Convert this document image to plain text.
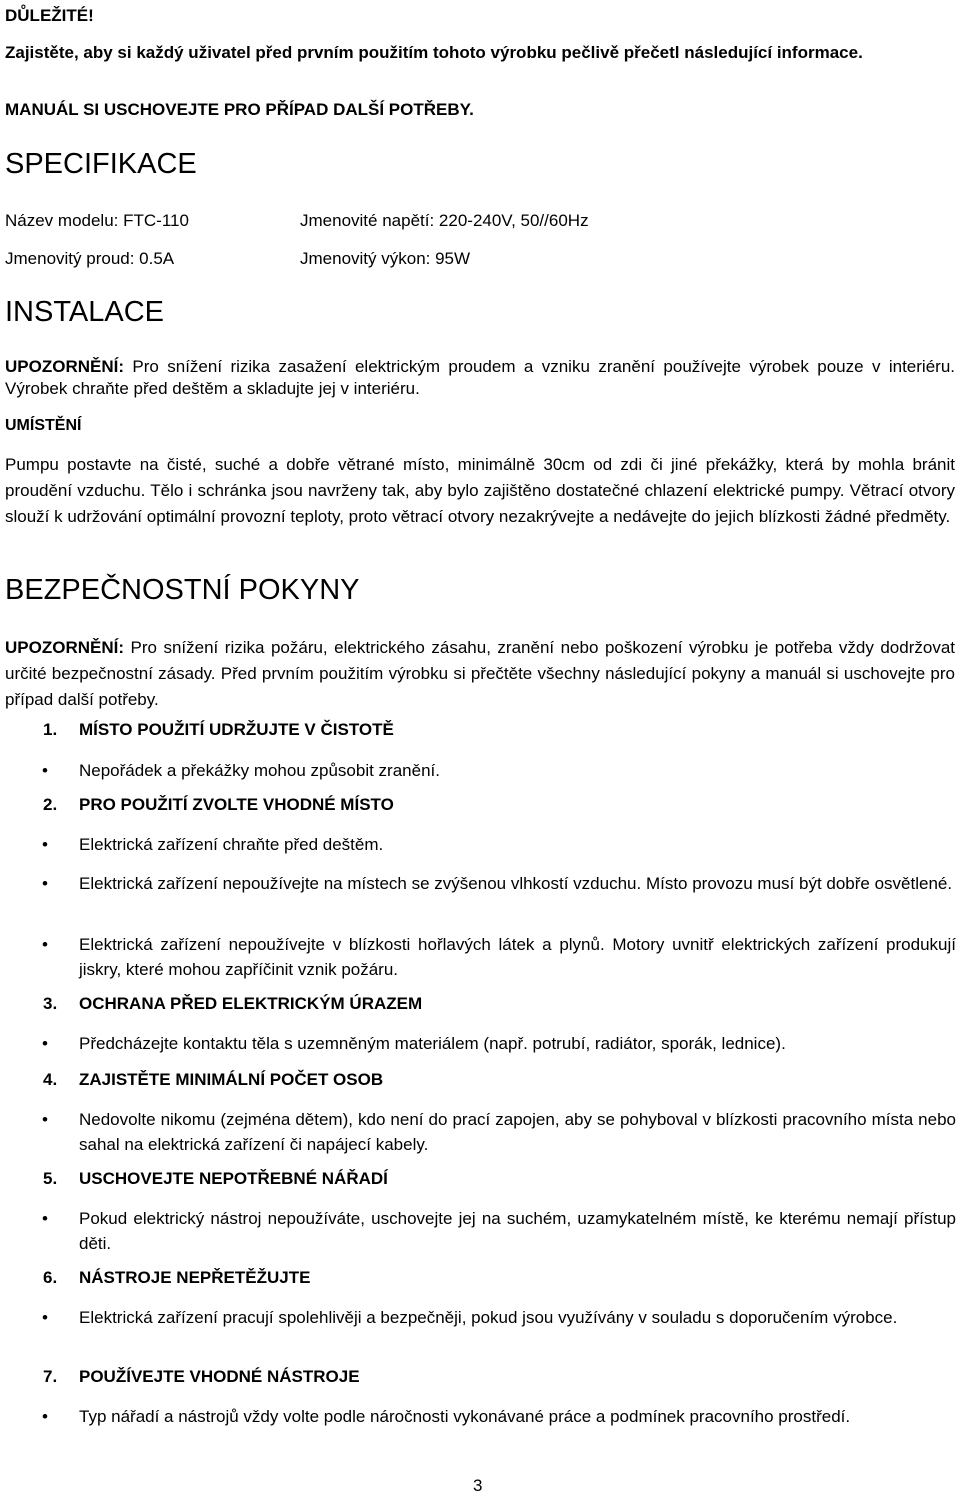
DŮLEŽITÉ!
Zajistěte, aby si každý uživatel před prvním použitím tohoto výrobku pečlivě přečetl následující informace.
MANUÁL SI USCHOVEJTE PRO PŘÍPAD DALŠÍ POTŘEBY.
SPECIFIKACE
Název modelu: FTC-110
Jmenovitý proud: 0.5A
Jmenovité napětí: 220-240V, 50//60Hz
Jmenovitý výkon: 95W
INSTALACE
UPOZORNĚNÍ: Pro snížení rizika zasažení elektrickým proudem a vzniku zranění používejte výrobek pouze v interiéru. Výrobek chraňte před deštěm a skladujte jej v interiéru.
UMÍSTĚNÍ
Pumpu postavte na čisté, suché a dobře větrané místo, minimálně 30cm od zdi či jiné překážky, která by mohla bránit proudění vzduchu. Tělo i schránka jsou navrženy tak, aby bylo zajištěno dostatečné chlazení elektrické pumpy. Větrací otvory slouží k udržování optimální provozní teploty, proto větrací otvory nezakrývejte a nedávejte do jejich blízkosti žádné předměty.
BEZPEČNOSTNÍ POKYNY
UPOZORNĚNÍ: Pro snížení rizika požáru, elektrického zásahu, zranění nebo poškození výrobku je potřeba vždy dodržovat určité bezpečnostní zásady. Před prvním použitím výrobku si přečtěte všechny následující pokyny a manuál si uschovejte pro případ další potřeby.
1. MÍSTO POUŽITÍ UDRŽUJTE V ČISTOTĚ
• Nepořádek a překážky mohou způsobit zranění.
2. PRO POUŽITÍ ZVOLTE VHODNÉ MÍSTO
• Elektrická zařízení chraňte před deštěm.
• Elektrická zařízení nepoužívejte na místech se zvýšenou vlhkostí vzduchu. Místo provozu musí být dobře osvětlené.
• Elektrická zařízení nepoužívejte v blízkosti hořlavých látek a plynů. Motory uvnitř elektrických zařízení produkují jiskry, které mohou zapříčinit vznik požáru.
3. OCHRANA PŘED ELEKTRICKÝM ÚRAZEM
• Předcházejte kontaktu těla s uzemněným materiálem (např. potrubí, radiátor, sporák, lednice).
4. ZAJISTĚTE MINIMÁLNÍ POČET OSOB
• Nedovolte nikomu (zejména dětem), kdo není do prací zapojen, aby se pohyboval v blízkosti pracovního místa nebo sahal na elektrická zařízení či napájecí kabely.
5. USCHOVEJTE NEPOTŘEBNÉ NÁŘADÍ
• Pokud elektrický nástroj nepoužíváte, uschovejte jej na suchém, uzamykatelném místě, ke kterému nemají přístup děti.
6. NÁSTROJE NEPŘETĚŽUJTE
• Elektrická zařízení pracují spolehlivěji a bezpečněji, pokud jsou využívány v souladu s doporučením výrobce.
7. POUŽÍVEJTE VHODNÉ NÁSTROJE
• Typ nářadí a nástrojů vždy volte podle náročnosti vykonávané práce a podmínek pracovního prostředí.
3
